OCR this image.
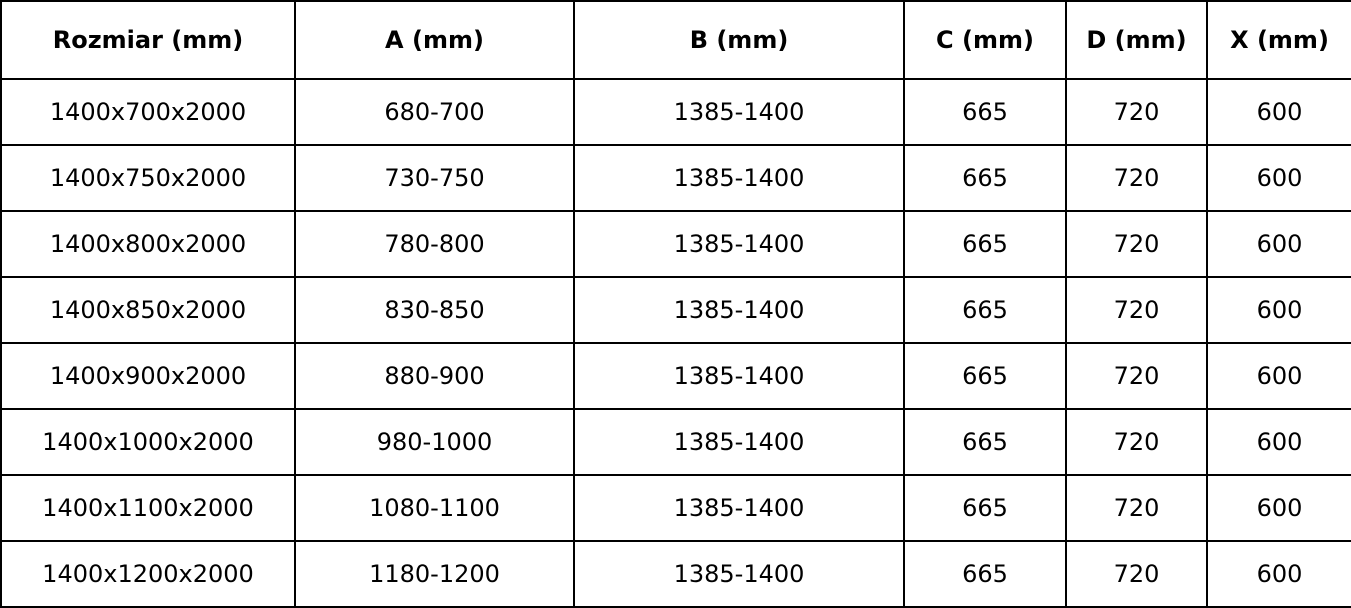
Rozmiar (mm)	A (mm)	B (mm)	C (mm)	D (mm)	X (mm)
1400x700x2000	680-700	1385-1400	665	720	600
1400x750x2000	730-750	1385-1400	665	720	600
1400x800x2000	780-800	1385-1400	665	720	600
1400x850x2000	830-850	1385-1400	665	720	600
1400x900x2000	880-900	1385-1400	665	720	600
1400x1000x2000	980-1000	1385-1400	665	720	600
1400x1100x2000	1080-1100	1385-1400	665	720	600
1400x1200x2000	1180-1200	1385-1400	665	720	600
